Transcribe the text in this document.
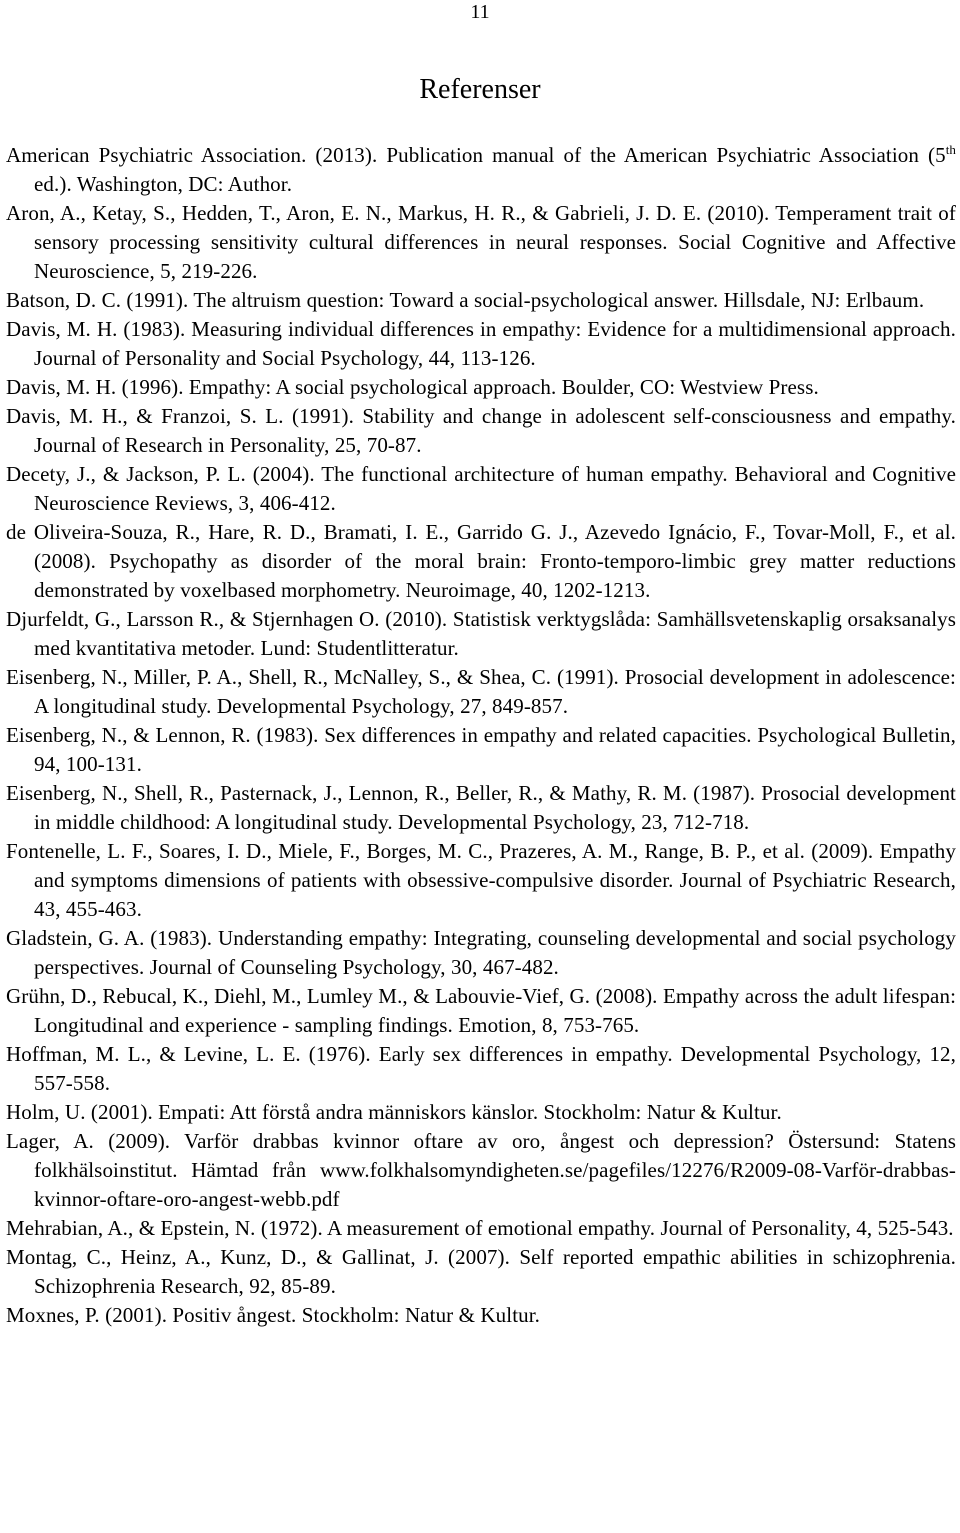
11
Referenser

American Psychiatric Association. (2013). Publication manual of the American Psychiatric Association (5th ed.). Washington, DC: Author.

Aron, A., Ketay, S., Hedden, T., Aron, E. N., Markus, H. R., & Gabrieli, J. D. E. (2010). Temperament trait of sensory processing sensitivity cultural differences in neural responses. Social Cognitive and Affective Neuroscience, 5, 219-226.

Batson, D. C. (1991). The altruism question: Toward a social-psychological answer. Hillsdale, NJ: Erlbaum.

Davis, M. H. (1983). Measuring individual differences in empathy: Evidence for a multidimensional approach. Journal of Personality and Social Psychology, 44, 113-126.

Davis, M. H. (1996). Empathy: A social psychological approach. Boulder, CO: Westview Press.

Davis, M. H., & Franzoi, S. L. (1991). Stability and change in adolescent self-consciousness and empathy. Journal of Research in Personality, 25, 70-87.

Decety, J., & Jackson, P. L. (2004). The functional architecture of human empathy. Behavioral and Cognitive Neuroscience Reviews, 3, 406-412.

de Oliveira-Souza, R., Hare, R. D., Bramati, I. E., Garrido G. J., Azevedo Ignácio, F., Tovar-Moll, F., et al. (2008). Psychopathy as disorder of the moral brain: Fronto-temporo-limbic grey matter reductions demonstrated by voxelbased morphometry. Neuroimage, 40, 1202-1213.

Djurfeldt, G., Larsson R., & Stjernhagen O. (2010). Statistisk verktygslåda: Samhällsvetenskaplig orsaksanalys med kvantitativa metoder. Lund: Studentlitteratur.

Eisenberg, N., Miller, P. A., Shell, R., McNalley, S., & Shea, C. (1991). Prosocial development in adolescence: A longitudinal study. Developmental Psychology, 27, 849-857.

Eisenberg, N., & Lennon, R. (1983). Sex differences in empathy and related capacities. Psychological Bulletin, 94, 100-131.

Eisenberg, N., Shell, R., Pasternack, J., Lennon, R., Beller, R., & Mathy, R. M. (1987). Prosocial development in middle childhood: A longitudinal study. Developmental Psychology, 23, 712-718.

Fontenelle, L. F., Soares, I. D., Miele, F., Borges, M. C., Prazeres, A. M., Range, B. P., et al. (2009). Empathy and symptoms dimensions of patients with obsessive-compulsive disorder. Journal of Psychiatric Research, 43, 455-463.

Gladstein, G. A. (1983). Understanding empathy: Integrating, counseling developmental and social psychology perspectives. Journal of Counseling Psychology, 30, 467-482.

Grühn, D., Rebucal, K., Diehl, M., Lumley M., & Labouvie-Vief, G. (2008). Empathy across the adult lifespan: Longitudinal and experience - sampling findings. Emotion, 8, 753-765.

Hoffman, M. L., & Levine, L. E. (1976). Early sex differences in empathy. Developmental Psychology, 12, 557-558.

Holm, U. (2001). Empati: Att förstå andra människors känslor. Stockholm: Natur & Kultur.

Lager, A. (2009). Varför drabbas kvinnor oftare av oro, ångest och depression? Östersund: Statens folkhälsoinstitut. Hämtad från www.folkhalsomyndigheten.se/pagefiles/12276/R2009-08-Varför-drabbas-kvinnor-oftare-oro-angest-webb.pdf

Mehrabian, A., & Epstein, N. (1972). A measurement of emotional empathy. Journal of Personality, 4, 525-543.

Montag, C., Heinz, A., Kunz, D., & Gallinat, J. (2007). Self reported empathic abilities in schizophrenia. Schizophrenia Research, 92, 85-89.

Moxnes, P. (2001). Positiv ångest. Stockholm: Natur & Kultur.
